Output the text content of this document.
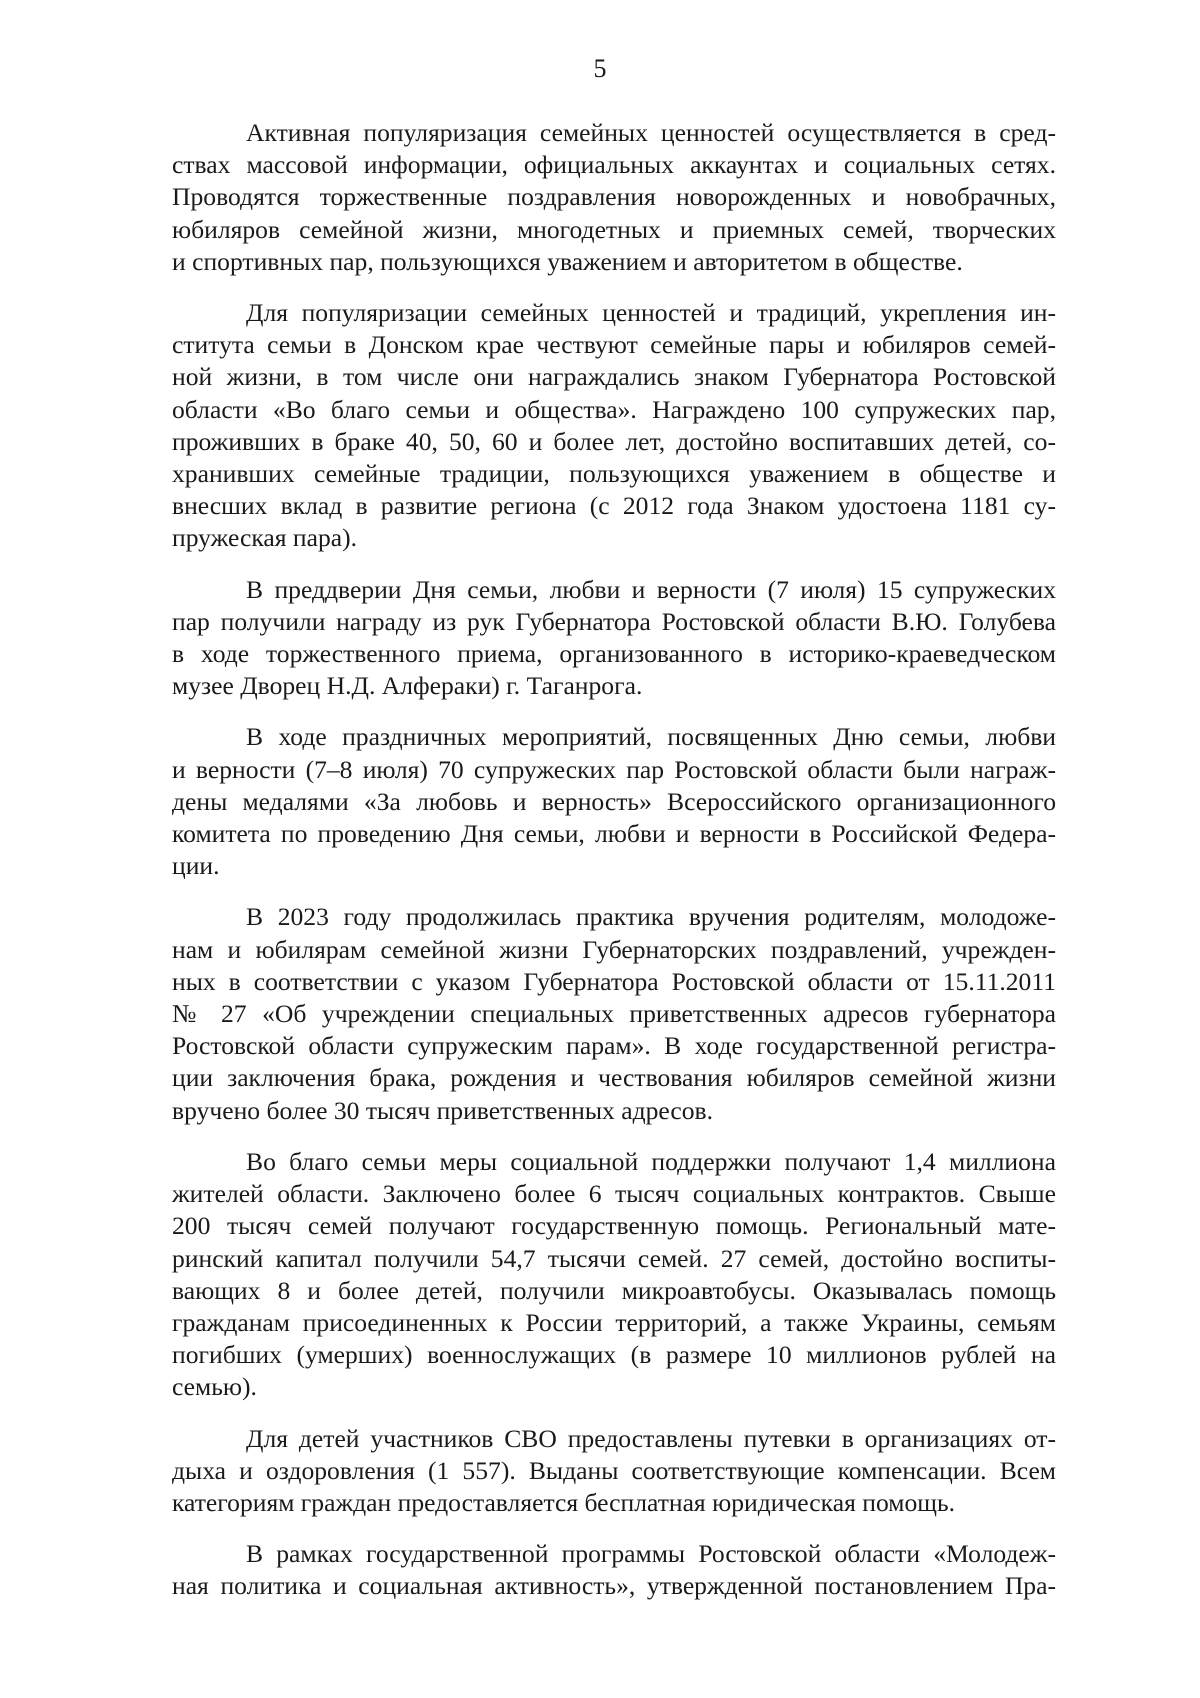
5

Активная популяризация семейных ценностей осуществляется в сред-
ствах массовой информации, официальных аккаунтах и социальных сетях.
Проводятся торжественные поздравления новорожденных и новобрачных,
юбиляров семейной жизни, многодетных и приемных семей, творческих
и спортивных пар, пользующихся уважением и авторитетом в обществе.

Для популяризации семейных ценностей и традиций, укрепления ин-
ститута семьи в Донском крае чествуют семейные пары и юбиляров семей-
ной жизни, в том числе они награждались знаком Губернатора Ростовской
области «Во благо семьи и общества». Награждено 100 супружеских пар,
проживших в браке 40, 50, 60 и более лет, достойно воспитавших детей, со-
хранивших семейные традиции, пользующихся уважением в обществе и
внесших вклад в развитие региона (с 2012 года Знаком удостоена 1181 су-
пружеская пара).

В преддверии Дня семьи, любви и верности (7 июля) 15 супружеских
пар получили награду из рук Губернатора Ростовской области В.Ю. Голубева
в ходе торжественного приема, организованного в историко-краеведческом
музее Дворец Н.Д. Алфераки) г. Таганрога.

В ходе праздничных мероприятий, посвященных Дню семьи, любви
и верности (7–8 июля) 70 супружеских пар Ростовской области были награж-
дены медалями «За любовь и верность» Всероссийского организационного
комитета по проведению Дня семьи, любви и верности в Российской Федера-
ции.

В 2023 году продолжилась практика вручения родителям, молодоже-
нам и юбилярам семейной жизни Губернаторских поздравлений, учрежден-
ных в соответствии с указом Губернатора Ростовской области от 15.11.2011
№ 27 «Об учреждении специальных приветственных адресов губернатора
Ростовской области супружеским парам». В ходе государственной регистра-
ции заключения брака, рождения и чествования юбиляров семейной жизни
вручено более 30 тысяч приветственных адресов.

Во благо семьи меры социальной поддержки получают 1,4 миллиона
жителей области. Заключено более 6 тысяч социальных контрактов. Свыше
200 тысяч семей получают государственную помощь. Региональный мате-
ринский капитал получили 54,7 тысячи семей. 27 семей, достойно воспиты-
вающих 8 и более детей, получили микроавтобусы. Оказывалась помощь
гражданам присоединенных к России территорий, а также Украины, семьям
погибших (умерших) военнослужащих (в размере 10 миллионов рублей на
семью).

Для детей участников СВО предоставлены путевки в организациях от-
дыха и оздоровления (1 557). Выданы соответствующие компенсации. Всем
категориям граждан предоставляется бесплатная юридическая помощь.

В рамках государственной программы Ростовской области «Молодеж-
ная политика и социальная активность», утвержденной постановлением Пра-
